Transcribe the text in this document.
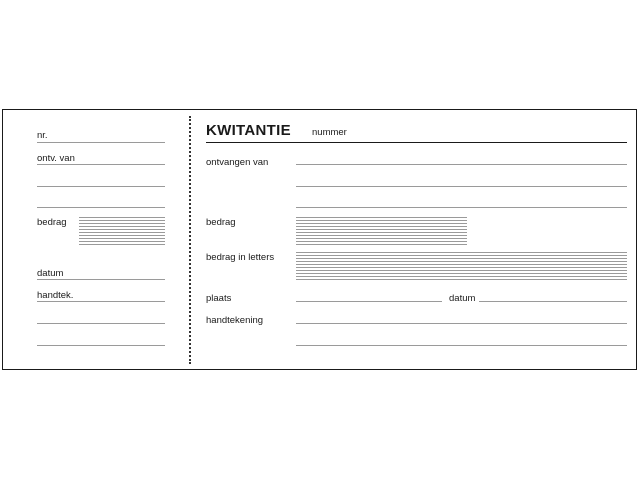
nr.
ontv. van
bedrag
datum
handtek.
KWITANTIE nummer
ontvangen van
bedrag
bedrag in letters
plaats	datum
handtekening
